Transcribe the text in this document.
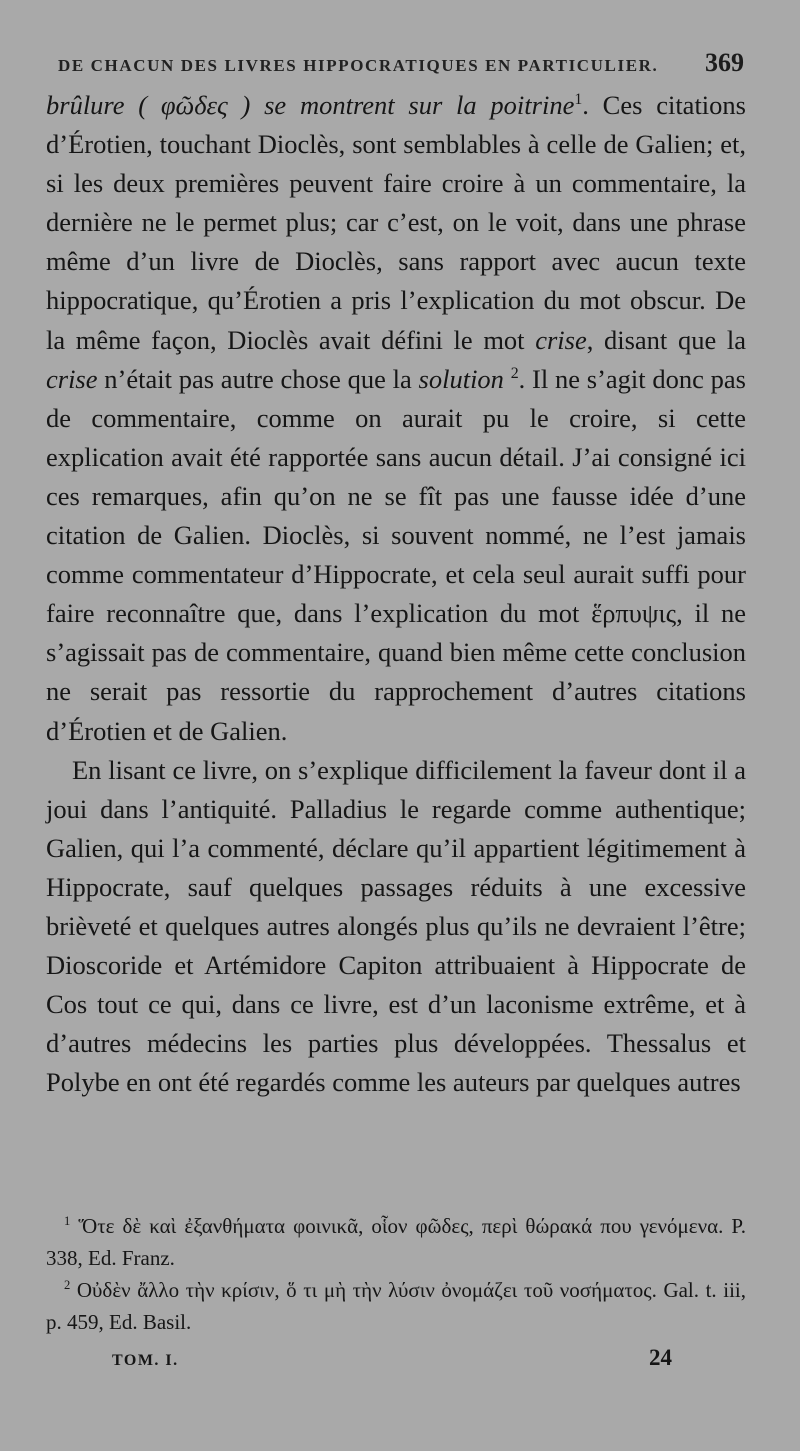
DE CHACUN DES LIVRES HIPPOCRATIQUES EN PARTICULIER. 369

brûlure ( φῶδες ) se montrent sur la poitrine$^1$. Ces citations d’Érotien, touchant Dioclès, sont semblables à celle de Galien; et, si les deux premières peuvent faire croire à un commentaire, la dernière ne le permet plus; car c’est, on le voit, dans une phrase même d’un livre de Dioclès, sans rapport avec aucun texte hippocratique, qu’Érotien a pris l’explication du mot obscur. De la même façon, Dioclès avait défini le mot crise, disant que la crise n’était pas autre chose que la solution $^2$. Il ne s’agit donc pas de commentaire, comme on aurait pu le croire, si cette explication avait été rapportée sans aucun détail. J’ai consigné ici ces remarques, afin qu’on ne se fît pas une fausse idée d’une citation de Galien. Dioclès, si souvent nommé, ne l’est jamais comme commentateur d’Hippocrate, et cela seul aurait suffi pour faire reconnaître que, dans l’explication du mot ἕρπυψις, il ne s’agissait pas de commentaire, quand bien même cette conclusion ne serait pas ressortie du rapprochement d’autres citations d’Érotien et de Galien.

En lisant ce livre, on s’explique difficilement la faveur dont il a joui dans l’antiquité. Palladius le regarde comme authentique; Galien, qui l’a commenté, déclare qu’il appartient légitimement à Hippocrate, sauf quelques passages réduits à une excessive brièveté et quelques autres alongés plus qu’ils ne devraient l’être; Dioscoride et Artémidore Capiton attribuaient à Hippocrate de Cos tout ce qui, dans ce livre, est d’un laconisme extrême, et à d’autres médecins les parties plus développées. Thessalus et Polybe en ont été regardés comme les auteurs par quelques autres

$^1$ Ὅτε δὲ καὶ ἐξανθήματα φοινικᾶ, οἷον φῶδες, περὶ θώρακά που γενόμενα. P. 338, Ed. Franz.

$^2$ Οὐδὲν ἄλλο τὴν κρίσιν, ὅ τι μὴ τὴν λύσιν ὀνομάζει τοῦ νοσήματος. Gal. t. iii, p. 459, Ed. Basil.

TOM. I.	24
